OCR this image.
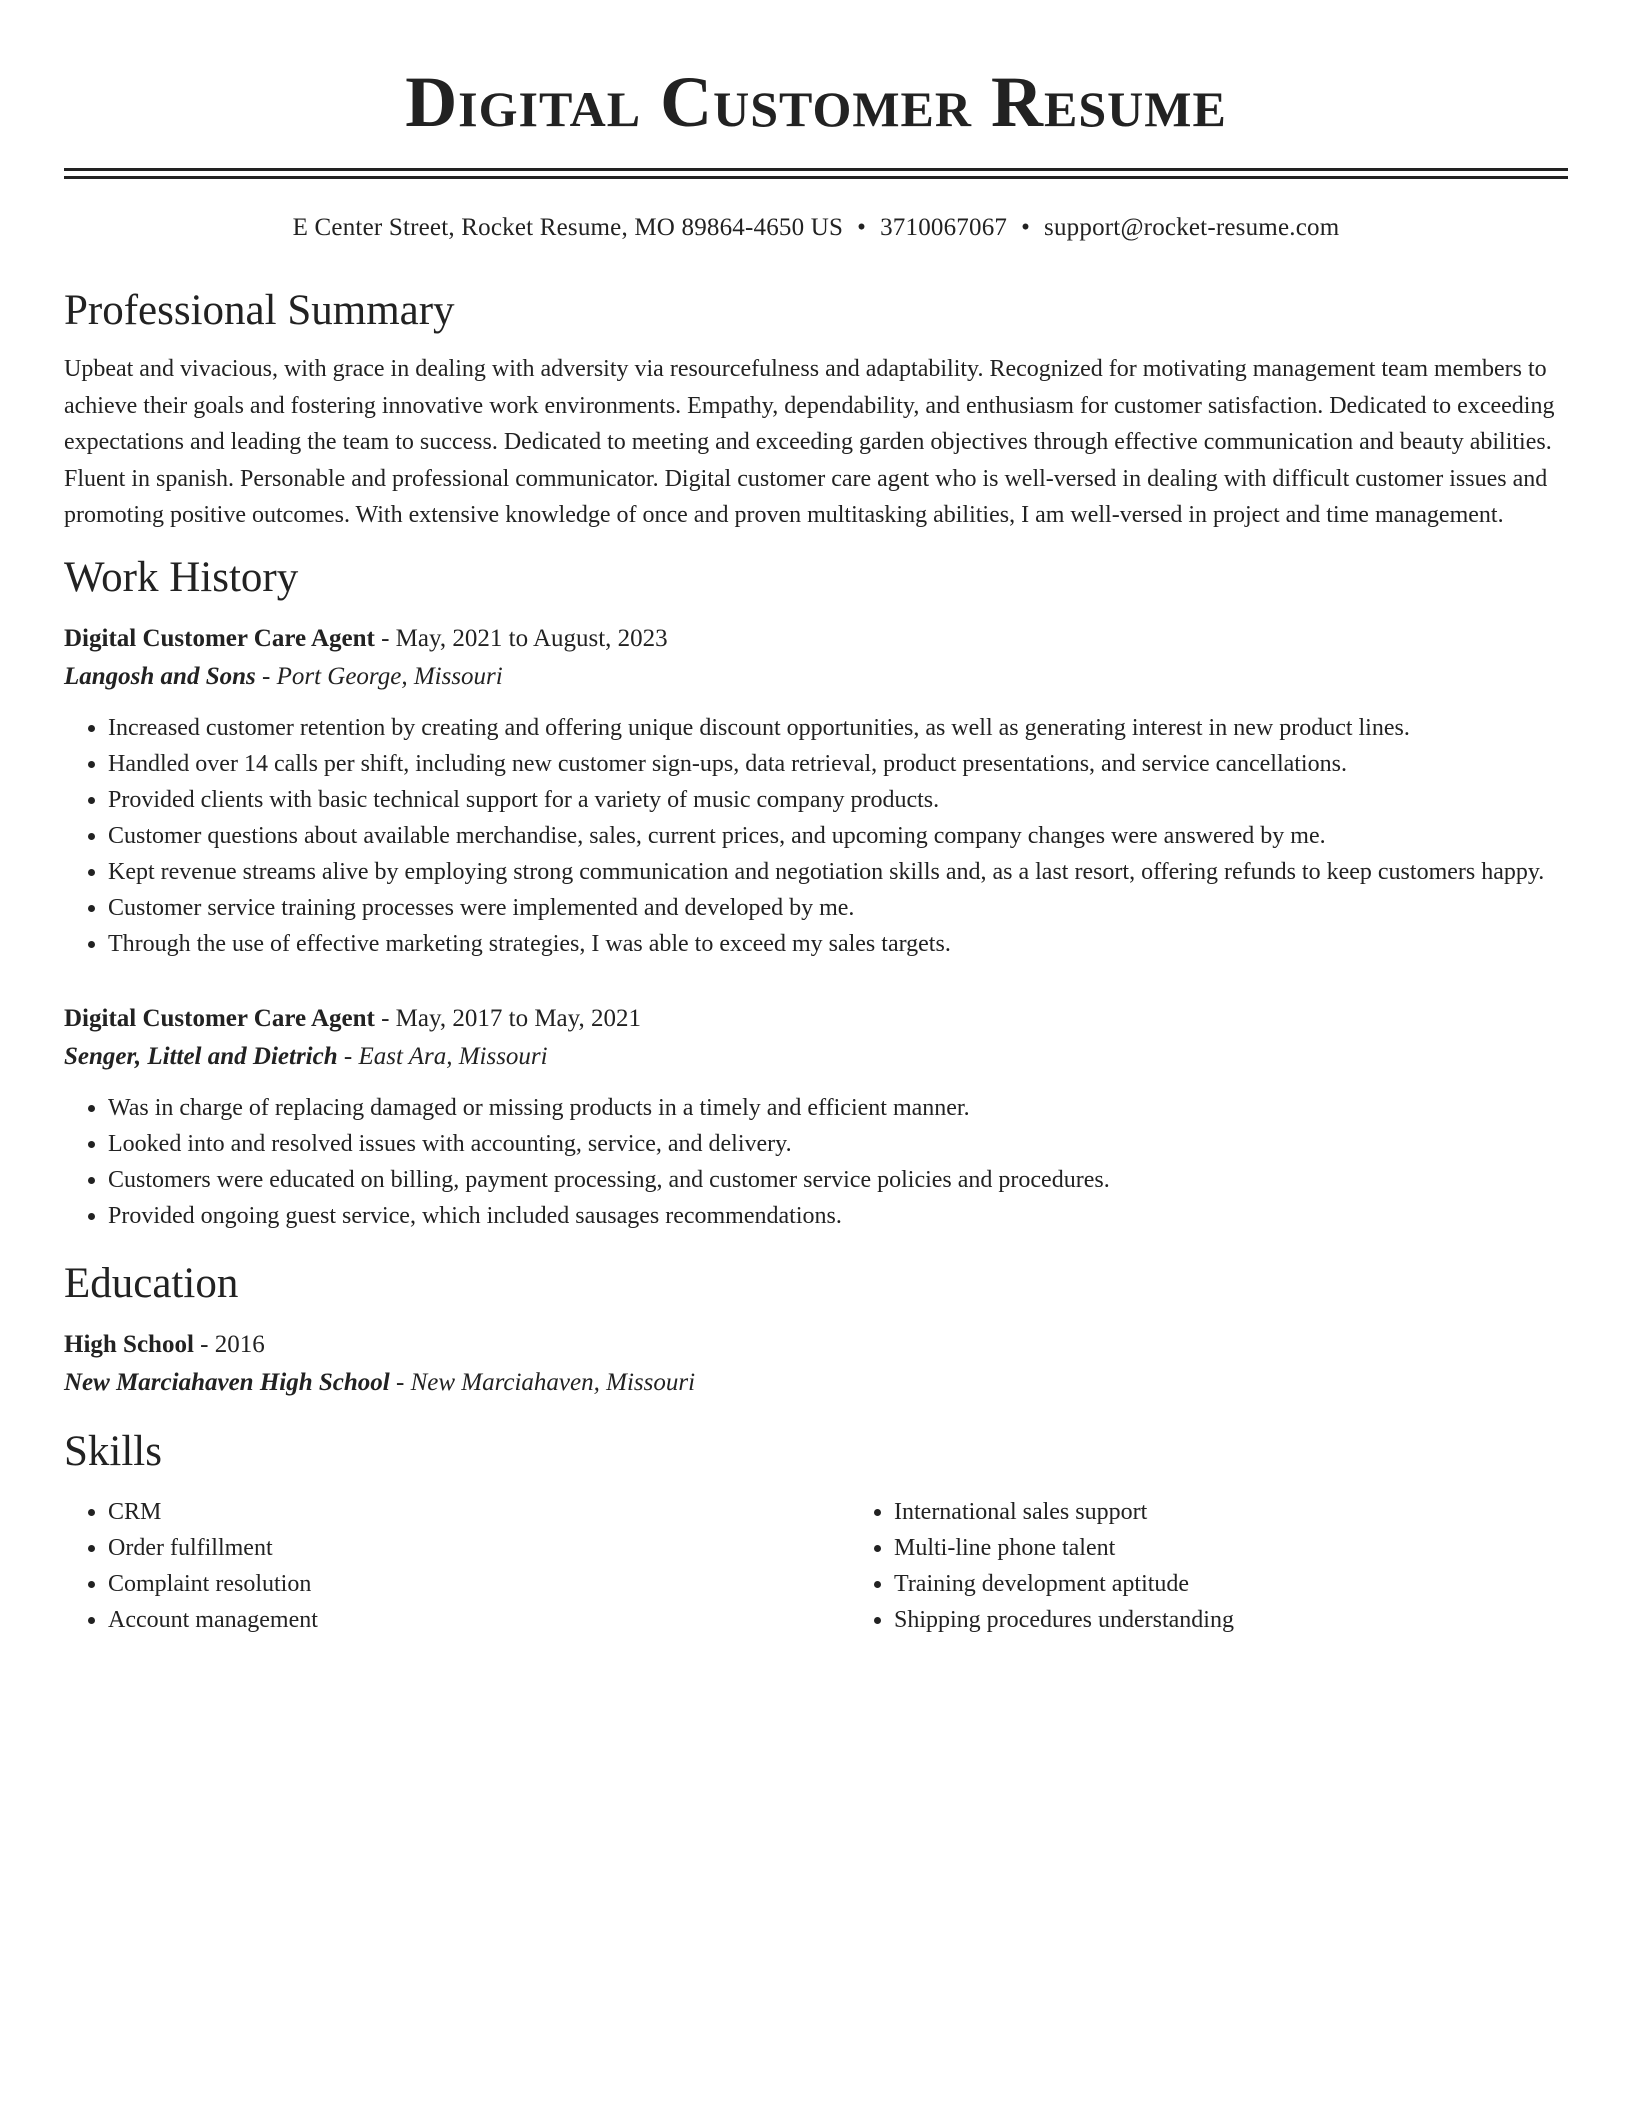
Digital Customer Resume
E Center Street, Rocket Resume, MO 89864-4650 US • 3710067067 • support@rocket-resume.com
Professional Summary

Upbeat and vivacious, with grace in dealing with adversity via resourcefulness and adaptability. Recognized for motivating management team members to achieve their goals and fostering innovative work environments. Empathy, dependability, and enthusiasm for customer satisfaction. Dedicated to exceeding expectations and leading the team to success. Dedicated to meeting and exceeding garden objectives through effective communication and beauty abilities. Fluent in spanish. Personable and professional communicator. Digital customer care agent who is well-versed in dealing with difficult customer issues and promoting positive outcomes. With extensive knowledge of once and proven multitasking abilities, I am well-versed in project and time management.

Work History
Digital Customer Care Agent - May, 2021 to August, 2023
Langosh and Sons - Port George, Missouri
• Increased customer retention by creating and offering unique discount opportunities, as well as generating interest in new product lines.
• Handled over 14 calls per shift, including new customer sign-ups, data retrieval, product presentations, and service cancellations.
• Provided clients with basic technical support for a variety of music company products.
• Customer questions about available merchandise, sales, current prices, and upcoming company changes were answered by me.
• Kept revenue streams alive by employing strong communication and negotiation skills and, as a last resort, offering refunds to keep customers happy.
• Customer service training processes were implemented and developed by me.
• Through the use of effective marketing strategies, I was able to exceed my sales targets.
Digital Customer Care Agent - May, 2017 to May, 2021
Senger, Littel and Dietrich - East Ara, Missouri
• Was in charge of replacing damaged or missing products in a timely and efficient manner.
• Looked into and resolved issues with accounting, service, and delivery.
• Customers were educated on billing, payment processing, and customer service policies and procedures.
• Provided ongoing guest service, which included sausages recommendations.
Education
High School - 2016
New Marciahaven High School - New Marciahaven, Missouri
Skills
• CRM
• Order fulfillment
• Complaint resolution
• Account management
• International sales support
• Multi-line phone talent
• Training development aptitude
• Shipping procedures understanding
